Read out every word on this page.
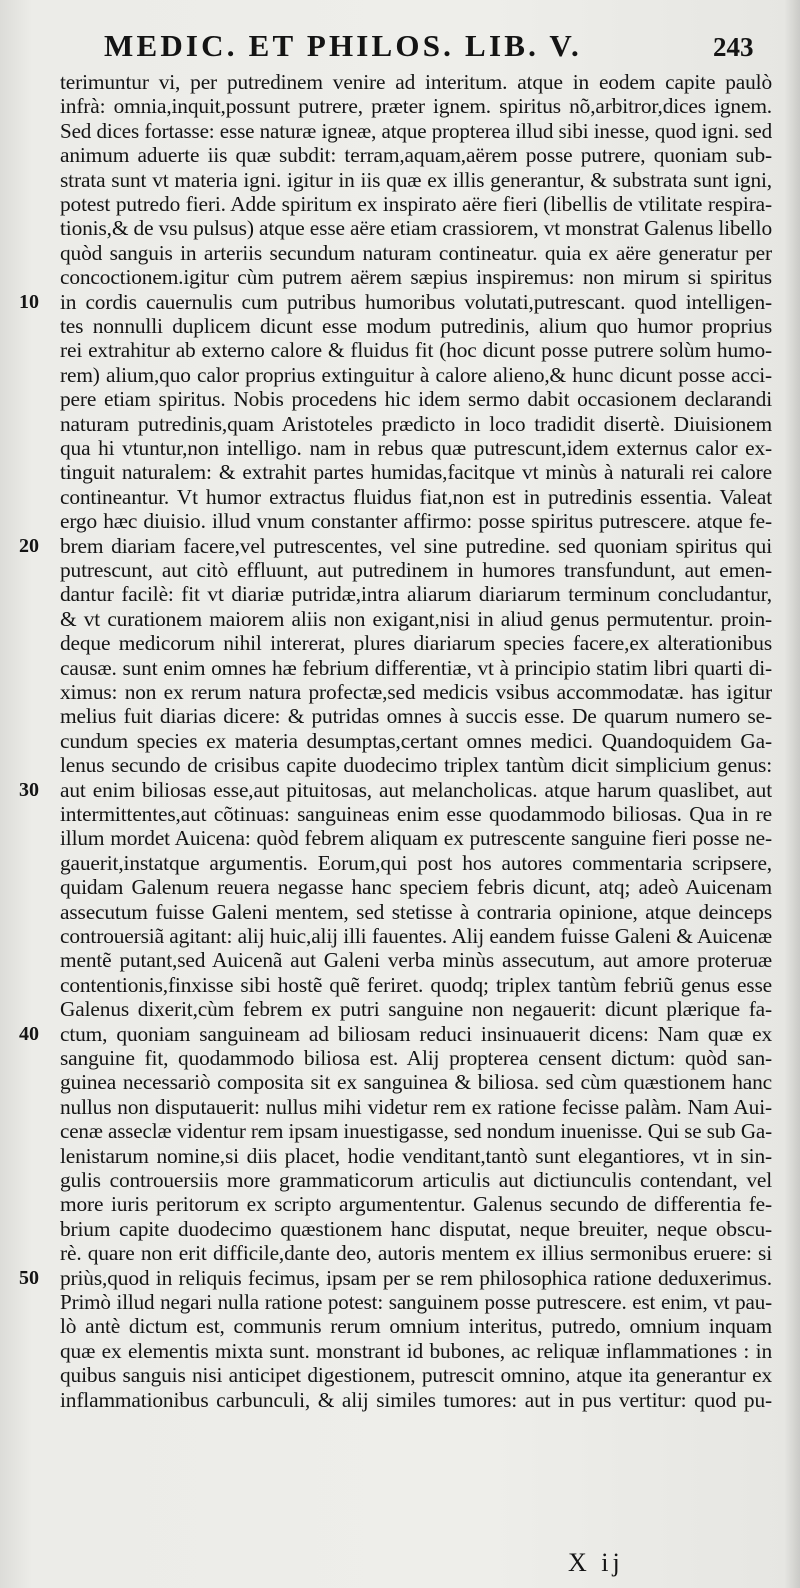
MEDIC. ET PHILOS. LIB. V.	243
terimuntur vi, per putredinem venire ad interitum. atque in eodem capite paulò
infrà: omnia,inquit,possunt putrere, præter ignem. spiritus nõ,arbitror,dices ignem.
Sed dices fortasse: esse naturæ igneæ, atque propterea illud sibi inesse, quod igni. sed
animum aduerte iis quæ subdit: terram,aquam,aërem posse putrere, quoniam sub-
strata sunt vt materia igni. igitur in iis quæ ex illis generantur, & substrata sunt igni,
potest putredo fieri. Adde spiritum ex inspirato aëre fieri (libellis de vtilitate respira-
tionis,& de vsu pulsus) atque esse aëre etiam crassiorem, vt monstrat Galenus libello
quòd sanguis in arteriis secundum naturam contineatur. quia ex aëre generatur per
concoctionem.igitur cùm putrem aërem sæpius inspiremus: non mirum si spiritus
10 in cordis cauernulis cum putribus humoribus volutati,putrescant. quod intelligen-
tes nonnulli duplicem dicunt esse modum putredinis, alium quo humor proprius
rei extrahitur ab externo calore & fluidus fit (hoc dicunt posse putrere solùm humo-
rem) alium,quo calor proprius extinguitur à calore alieno,& hunc dicunt posse acci-
pere etiam spiritus. Nobis procedens hic idem sermo dabit occasionem declarandi
naturam putredinis,quam Aristoteles prædicto in loco tradidit disertè. Diuisionem
qua hi vtuntur,non intelligo. nam in rebus quæ putrescunt,idem externus calor ex-
tinguit naturalem: & extrahit partes humidas,facitque vt minùs à naturali rei calore
contineantur. Vt humor extractus fluidus fiat,non est in putredinis essentia. Valeat
ergo hæc diuisio. illud vnum constanter affirmo: posse spiritus putrescere. atque fe-
20 brem diariam facere,vel putrescentes, vel sine putredine. sed quoniam spiritus qui
putrescunt, aut citò effluunt, aut putredinem in humores transfundunt, aut emen-
dantur facilè: fit vt diariæ putridæ,intra aliarum diariarum terminum concludantur,
& vt curationem maiorem aliis non exigant,nisi in aliud genus permutentur. proin-
deque medicorum nihil intererat, plures diariarum species facere,ex alterationibus
causæ. sunt enim omnes hæ febrium differentiæ, vt à principio statim libri quarti di-
ximus: non ex rerum natura profectæ,sed medicis vsibus accommodatæ. has igitur
melius fuit diarias dicere: & putridas omnes à succis esse. De quarum numero se-
cundum species ex materia desumptas,certant omnes medici. Quandoquidem Ga-
lenus secundo de crisibus capite duodecimo triplex tantùm dicit simplicium genus:
30 aut enim biliosas esse,aut pituitosas, aut melancholicas. atque harum quaslibet, aut
intermittentes,aut cõtinuas: sanguineas enim esse quodammodo biliosas. Qua in re
illum mordet Auicena: quòd febrem aliquam ex putrescente sanguine fieri posse ne-
gauerit,instatque argumentis. Eorum,qui post hos autores commentaria scripsere,
quidam Galenum reuera negasse hanc speciem febris dicunt, atq; adeò Auicenam
assecutum fuisse Galeni mentem, sed stetisse à contraria opinione, atque deinceps
controuersiã agitant: alij huic,alij illi fauentes. Alij eandem fuisse Galeni & Auicenæ
mentẽ putant,sed Auicenã aut Galeni verba minùs assecutum, aut amore proteruæ
contentionis,finxisse sibi hostẽ quẽ feriret. quodq; triplex tantùm febriũ genus esse
Galenus dixerit,cùm febrem ex putri sanguine non negauerit: dicunt plærique fa-
40 ctum, quoniam sanguineam ad biliosam reduci insinuauerit dicens: Nam quæ ex
sanguine fit, quodammodo biliosa est. Alij propterea censent dictum: quòd san-
guinea necessariò composita sit ex sanguinea & biliosa. sed cùm quæstionem hanc
nullus non disputauerit: nullus mihi videtur rem ex ratione fecisse palàm. Nam Aui-
cenæ asseclæ videntur rem ipsam inuestigasse, sed nondum inuenisse. Qui se sub Ga-
lenistarum nomine,si diis placet, hodie venditant,tantò sunt elegantiores, vt in sin-
gulis controuersiis more grammaticorum articulis aut dictiunculis contendant, vel
more iuris peritorum ex scripto argumententur. Galenus secundo de differentia fe-
brium capite duodecimo quæstionem hanc disputat, neque breuiter, neque obscu-
rè. quare non erit difficile,dante deo, autoris mentem ex illius sermonibus eruere: si
50 priùs,quod in reliquis fecimus, ipsam per se rem philosophica ratione deduxerimus.
Primò illud negari nulla ratione potest: sanguinem posse putrescere. est enim, vt pau-
lò antè dictum est, communis rerum omnium interitus, putredo, omnium inquam
quæ ex elementis mixta sunt. monstrant id bubones, ac reliquæ inflammationes : in
quibus sanguis nisi anticipet digestionem, putrescit omnino, atque ita generantur ex
inflammationibus carbunculi, & alij similes tumores: aut in pus vertitur: quod pu-
X ij
